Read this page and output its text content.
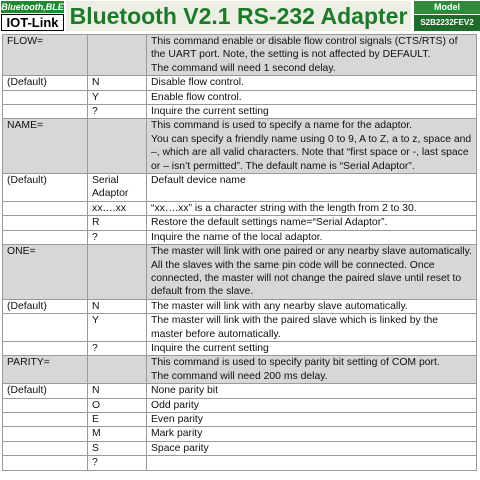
Bluetooth,BLE
IOT-Link Bluetooth V2.1 RS-232 Adapter	Model
S2B2232FEV2
FLOW=		This command enable or disable flow control signals (CTS/RTS) of the UART port. Note, the setting is not affected by DEFAULT.
The command will need 1 second delay.
(Default)	N	Disable flow control.
	Y	Enable flow control.
	?	Inquire the current setting
NAME=		This command is used to specify a name for the adaptor.
You can specify a friendly name using 0 to 9, A to Z, a to z, space and –, which are all valid characters. Note that “first space or -, last space or – isn’t permitted”. The default name is “Serial Adaptor”.
(Default)	Serial Adaptor	Default device name
	xx….xx	“xx….xx” is a character string with the length from 2 to 30.
	R	Restore the default settings name=“Serial Adaptor”.
	?	Inquire the name of the local adaptor.
ONE=		The master will link with one paired or any nearby slave automatically. All the slaves with the same pin code will be connected. Once connected, the master will not change the paired slave until reset to default from the slave.
(Default)	N	The master will link with any nearby slave automatically.
	Y	The master will link with the paired slave which is linked by the master before automatically.
	?	Inquire the current setting
PARITY=		This command is used to specify parity bit setting of COM port.
The command will need 200 ms delay.
(Default)	N	None parity bit
	O	Odd parity
	E	Even parity
	M	Mark parity
	S	Space parity
	?	
